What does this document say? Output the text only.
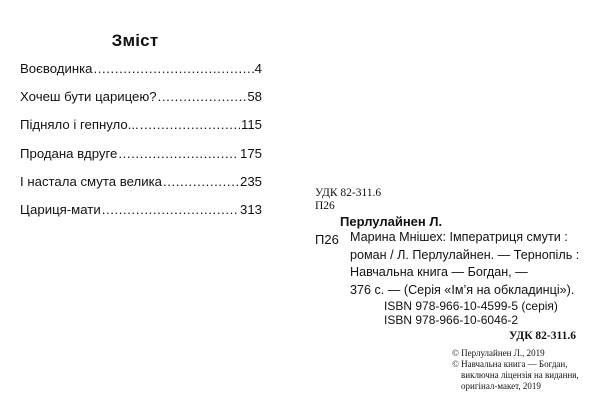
Зміст
Воєводинка .....	4
Хочеш бути царицею? .....	58
Підняло і гепнуло... .....	115
Продана вдруге .....	175
І настала смута велика .....	235
Цариця-мати .....	313
УДК 82-311.6
П26
Перлулайнен Л.
П26 Марина Мнішех: Імператриця смути :
роман / Л. Перлулайнен. — Тернопіль :
Навчальна книга — Богдан, —
376 с. — (Серія «Ім’я на обкладинці»).
ISBN 978-966-10-4599-5 (серія)
ISBN 978-966-10-6046-2
УДК 82-311.6
© Перлулайнен Л., 2019
© Навчальна книга — Богдан,
виключна ліцензія на видання,
оригінал-макет, 2019
